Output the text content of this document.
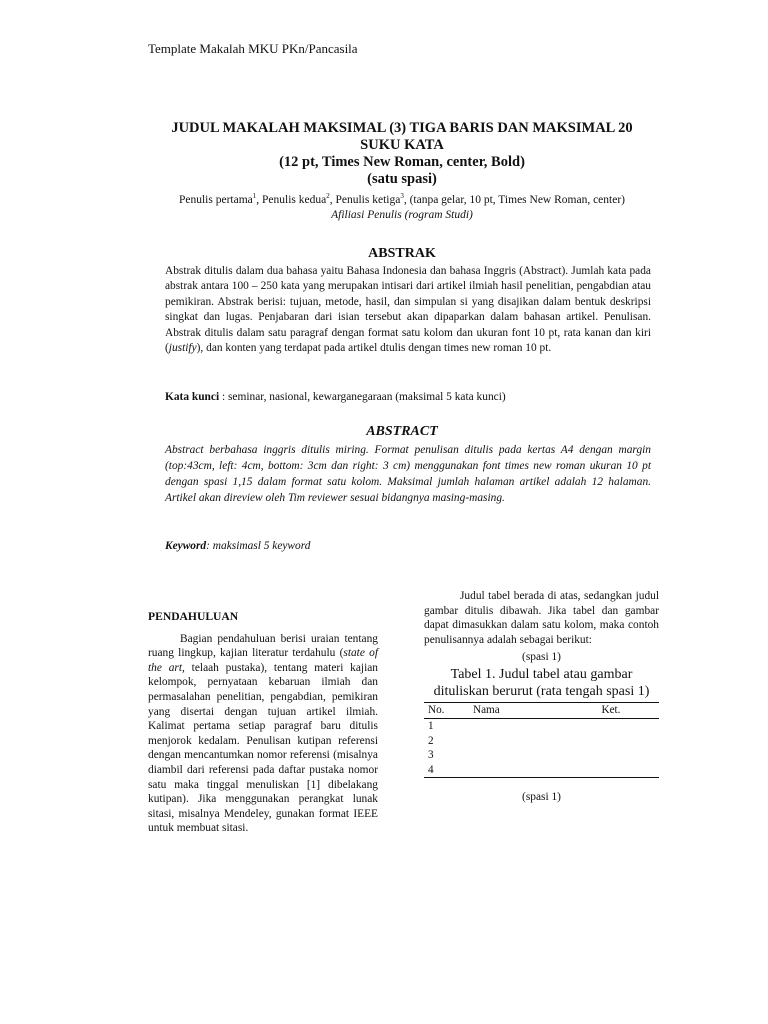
Template Makalah MKU PKn/Pancasila
JUDUL MAKALAH MAKSIMAL (3) TIGA BARIS DAN MAKSIMAL 20
SUKU KATA
(12 pt, Times New Roman, center, Bold)
(satu spasi)
Penulis pertama$^1$, Penulis kedua$^2$, Penulis ketiga$^3$, (tanpa gelar, 10 pt, Times New Roman, center)
Afiliasi Penulis (rogram Studi)
ABSTRAK
Abstrak ditulis dalam dua bahasa yaitu Bahasa Indonesia dan bahasa Inggris (Abstract). Jumlah kata pada abstrak antara 100 – 250 kata yang merupakan intisari dari artikel ilmiah hasil penelitian, pengabdian atau pemikiran. Abstrak berisi: tujuan, metode, hasil, dan simpulan si yang disajikan dalam bentuk deskripsi singkat dan lugas. Penjabaran dari isian tersebut akan dipaparkan dalam bahasan artikel. Penulisan. Abstrak ditulis dalam satu paragraf dengan format satu kolom dan ukuran font 10 pt, rata kanan dan kiri (justify), dan konten yang terdapat pada artikel dtulis dengan times new roman 10 pt.
Kata kunci : seminar, nasional, kewarganegaraan (maksimal 5 kata kunci)
ABSTRACT
Abstract berbahasa inggris ditulis miring. Format penulisan ditulis pada kertas A4 dengan margin (top:43cm, left: 4cm, bottom: 3cm dan right: 3 cm) menggunakan font times new roman ukuran 10 pt dengan spasi 1,15 dalam format satu kolom. Maksimal jumlah halaman artikel adalah 12 halaman. Artikel akan direview oleh Tim reviewer sesuai bidangnya masing-masing.
Keyword: maksimasl 5 keyword
PENDAHULUAN
Bagian pendahuluan berisi uraian tentang ruang lingkup, kajian literatur terdahulu (state of the art, telaah pustaka), tentang materi kajian kelompok, pernyataan kebaruan ilmiah dan permasalahan penelitian, pengabdian, pemikiran yang disertai dengan tujuan artikel ilmiah. Kalimat pertama setiap paragraf baru ditulis menjorok kedalam. Penulisan kutipan referensi dengan mencantumkan nomor referensi (misalnya diambil dari referensi pada daftar pustaka nomor satu maka tinggal menuliskan [1] dibelakang kutipan). Jika menggunakan perangkat lunak sitasi, misalnya Mendeley, gunakan format IEEE untuk membuat sitasi.
Judul tabel berada di atas, sedangkan judul gambar ditulis dibawah. Jika tabel dan gambar dapat dimasukkan dalam satu kolom, maka contoh penulisannya adalah sebagai berikut:
(spasi 1)
Tabel 1. Judul tabel atau gambar dituliskan berurut (rata tengah spasi 1)
No.	Nama	Ket.
1		
2		
3		
4		
(spasi 1)
